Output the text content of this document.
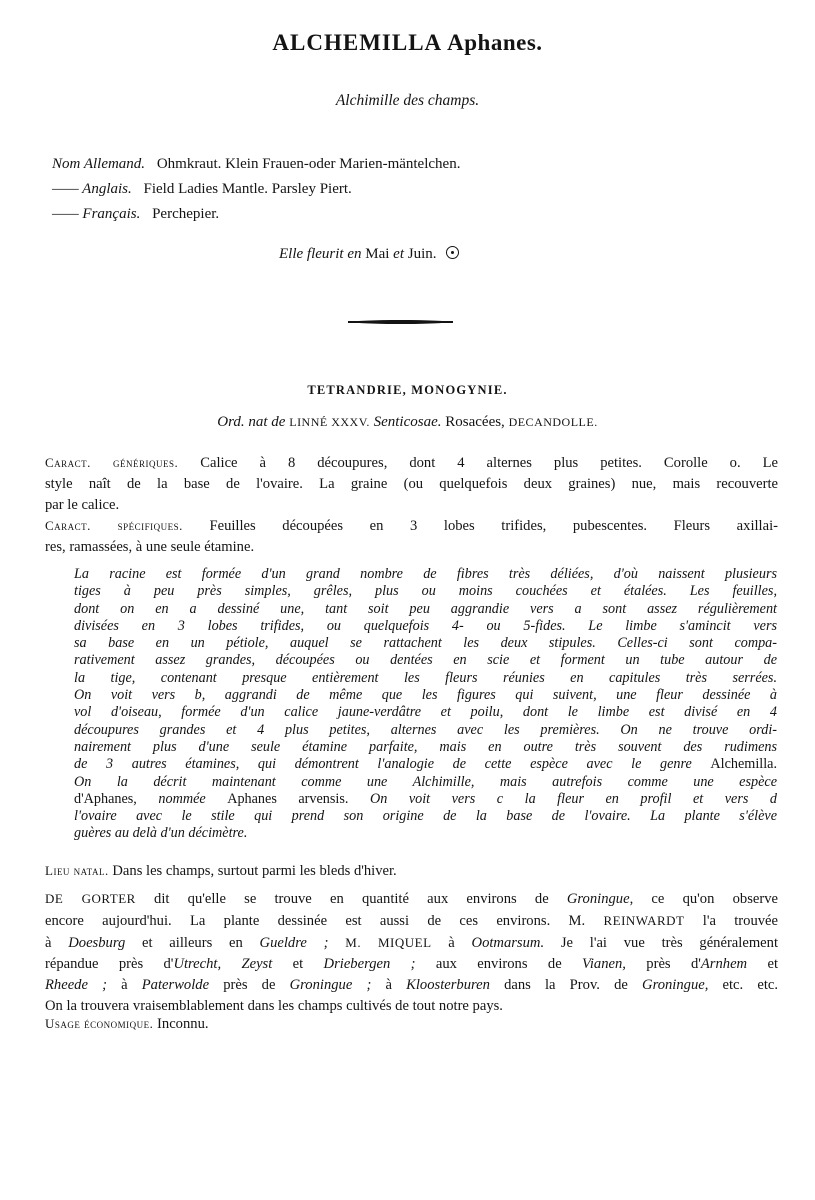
ALCHEMILLA Aphanes.
Alchimille des champs.
Nom Allemand. Ohmkraut. Klein Frauen-oder Marien-mäntelchen.
—— Anglais. Field Ladies Mantle. Parsley Piert.
—— Français. Perchepier.
Elle fleurit en Mai et Juin.
TETRANDRIE, MONOGYNIE.
Ord. nat de LINNÉ XXXV. Senticosae. Rosacées, DECANDOLLE.
Caract. génériques. Calice à 8 découpures, dont 4 alternes plus petites. Corolle o. Le
style naît de la base de l'ovaire. La graine (ou quelquefois deux graines) nue, mais recouverte
par le calice.
Caract. spécifiques. Feuilles découpées en 3 lobes trifides, pubescentes. Fleurs axillai-
res, ramassées, à une seule étamine.
La racine est formée d'un grand nombre de fibres très déliées, d'où naissent plusieurs
tiges à peu près simples, grêles, plus ou moins couchées et étalées. Les feuilles,
dont on en a dessiné une, tant soit peu aggrandie vers a sont assez régulièrement
divisées en 3 lobes trifides, ou quelquefois 4- ou 5-fides. Le limbe s'amincit vers
sa base en un pétiole, auquel se rattachent les deux stipules. Celles-ci sont compa-
rativement assez grandes, découpées ou dentées en scie et forment un tube autour de
la tige, contenant presque entièrement les fleurs réunies en capitules très serrées.
On voit vers b, aggrandi de même que les figures qui suivent, une fleur dessinée à
vol d'oiseau, formée d'un calice jaune-verdâtre et poilu, dont le limbe est divisé en 4
découpures grandes et 4 plus petites, alternes avec les premières. On ne trouve ordi-
nairement plus d'une seule étamine parfaite, mais en outre très souvent des rudimens
de 3 autres étamines, qui démontrent l'analogie de cette espèce avec le genre Alchemilla.
On la décrit maintenant comme une Alchimille, mais autrefois comme une espèce
d'Aphanes, nommée Aphanes arvensis. On voit vers c la fleur en profil et vers d
l'ovaire avec le stile qui prend son origine de la base de l'ovaire. La plante s'élève
guères au delà d'un décimètre.
Lieu natal. Dans les champs, surtout parmi les bleds d'hiver.
DE GORTER dit qu'elle se trouve en quantité aux environs de Groningue, ce qu'on observe
encore aujourd'hui. La plante dessinée est aussi de ces environs. M. REINWARDT l'a trouvée
à Doesburg et ailleurs en Gueldre ; M. MIQUEL à Ootmarsum. Je l'ai vue très généralement
répandue près d'Utrecht, Zeyst et Driebergen ; aux environs de Vianen, près d'Arnhem et
Rheede ; à Paterwolde près de Groningue ; à Kloosterburen dans la Prov. de Groningue, etc. etc.
On la trouvera vraisemblablement dans les champs cultivés de tout notre pays.
Usage économique. Inconnu.
